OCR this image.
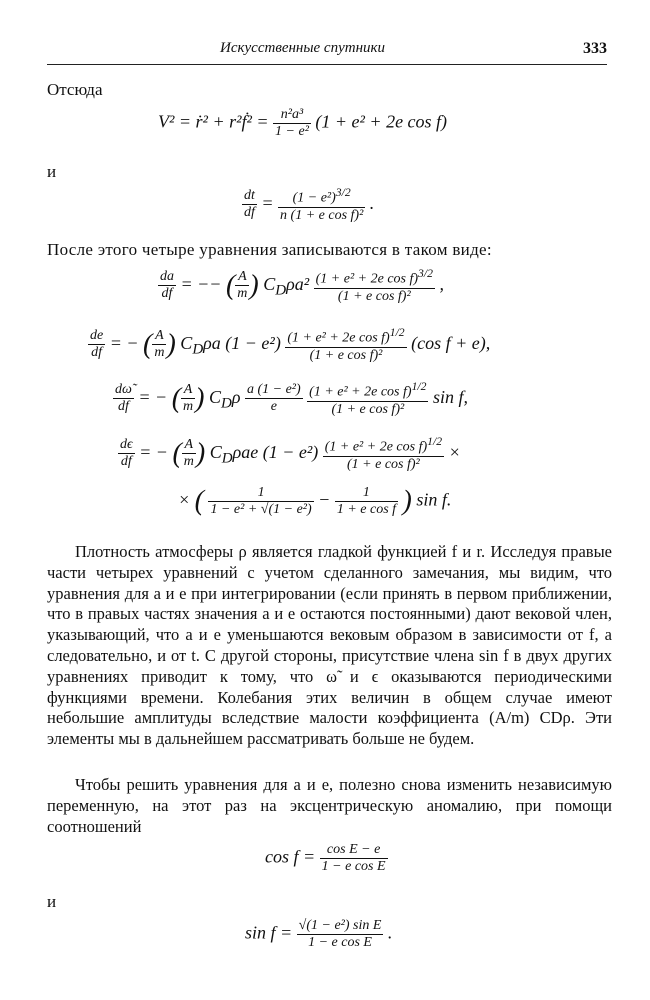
Искусственные спутники	333
Отсюда
V² = ṙ² + r²ḟ² = $\frac{\text{n²a³}}{\text{1 − e²}} (1 + e^2 + 2e$ cos f)
и
$\frac{dt}{df} = \frac{(1 - e^2)^{3/2}}{\text{n (1 + e cos f)²}}$ .
После этого четыре уравнения записываются в таком виде:
$\frac{da}{df}$ = −− ( $\frac{A}{m}$ ) $C_D\rho a^2 \frac{(1 + e^2 + 2e \cos f)^{3/2}}{\text{(1 + e cos f)²}}$ ,
$\frac{de}{df}$ = − ( $\frac{A}{m}$ ) $C_D\rho a$ $(1 - e^2) \frac{(1 + e^2 + 2e \cos f)^{1/2}}{\text{(1 + e cos f)²}} (\cos$ f + e),
$\frac{d\omegã}{df}$ = − ( $\frac{A}{m}$ ) $C_D\rho \frac{\text{a (1 − e²)}}{e}$
$\frac{(1 + e^2 + 2e \cos f)^{1/2}}{\text{(1 + e cos f)²}}$ sin f,
$\frac{d\epsilon}{df}$ = − ( $\frac{A}{m}$ ) $C_D\rho ae$ $(1 - e^2) \frac{(1 + e^2 + 2e \cos f)^{1/2}}{\text{(1 + e cos f)²}}$ ×
× ( $\frac{1}{\text{1 − e² + √(1 − e²)}} - \frac{1}{\text{1 + e cos f}}$ ) sin f.
Плотность атмосферы ρ является гладкой функцией f и r. Исследуя правые части четырех уравнений с учетом сделанного замечания, мы видим, что уравнения для a и e при интегрировании (если принять в первом приближении, что в правых частях значения a и e остаются постоянными) дают вековой член, указывающий, что a и e уменьшаются вековым образом в зависимости от f, а следовательно, и от t. С другой стороны, присутствие члена sin f в двух других уравнениях приводит к тому, что ω̃ и ϵ оказываются периодическими функциями времени. Колебания этих величин в общем случае имеют небольшие амплитуды вследствие малости коэффициента (A/m) CDρ. Эти элементы мы в дальнейшем рассматривать больше не будем.
Чтобы решить уравнения для a и e, полезно снова изменить независимую переменную, на этот раз на эксцентрическую аномалию, при помощи соотношений
$\cos f = \frac{\text{cos E − e}}{\text{1 − e cos E}}$
и
$\sin f = \frac{\text{√(1 − e²) sin E}}{\text{1 − e cos E}}$ .
